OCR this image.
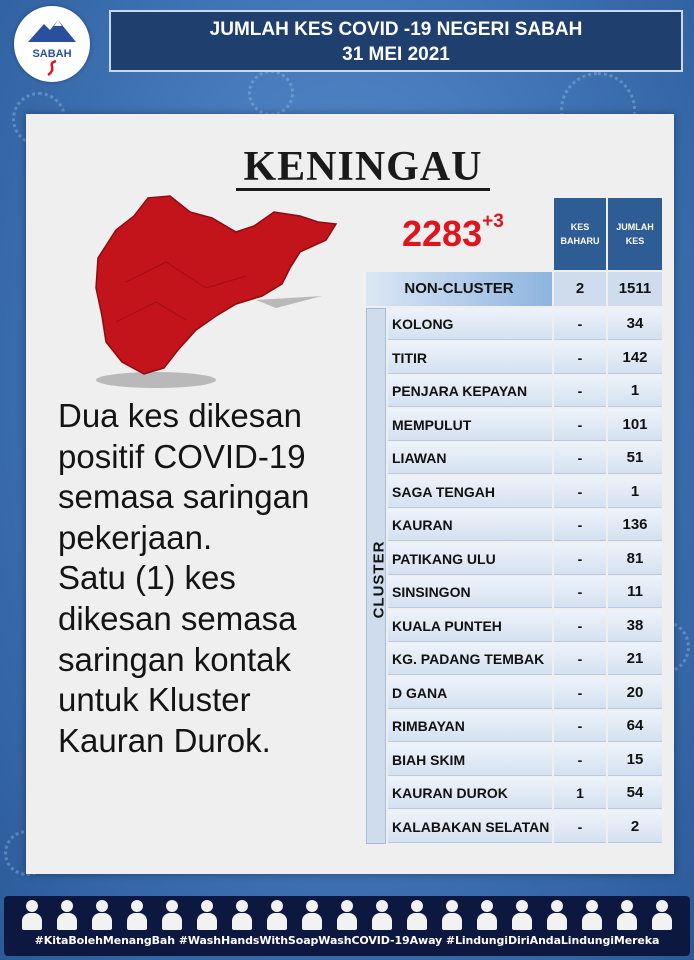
SABAH
JUMLAH KES COVID -19 NEGERI SABAH
31 MEI 2021
KENINGAU
$2283^{+3}$

Dua kes dikesan

positif COVID-19

semasa saringan

pekerjaan.

Satu (1) kes

dikesan semasa

saringan kontak

untuk Kluster

Kauran Durok.

KES
BAHARU
JUMLAH
KES
NON-CLUSTER	2	1511
CLUSTER
KOLONG	-	34
TITIR	-	142
PENJARA KEPAYAN	-	1
MEMPULUT	-	101
LIAWAN	-	51
SAGA TENGAH	-	1
KAURAN	-	136
PATIKANG ULU	-	81
SINSINGON	-	11
KUALA PUNTEH	-	38
KG. PADANG TEMBAK	-	21
D GANA	-	20
RIMBAYAN	-	64
BIAH SKIM	-	15
KAURAN DUROK	1	54
KALABAKAN SELATAN	-	2
#KitaBolehMenangBah #WashHandsWithSoapWashCOVID-19Away #LindungiDiriAndaLindungiMereka
